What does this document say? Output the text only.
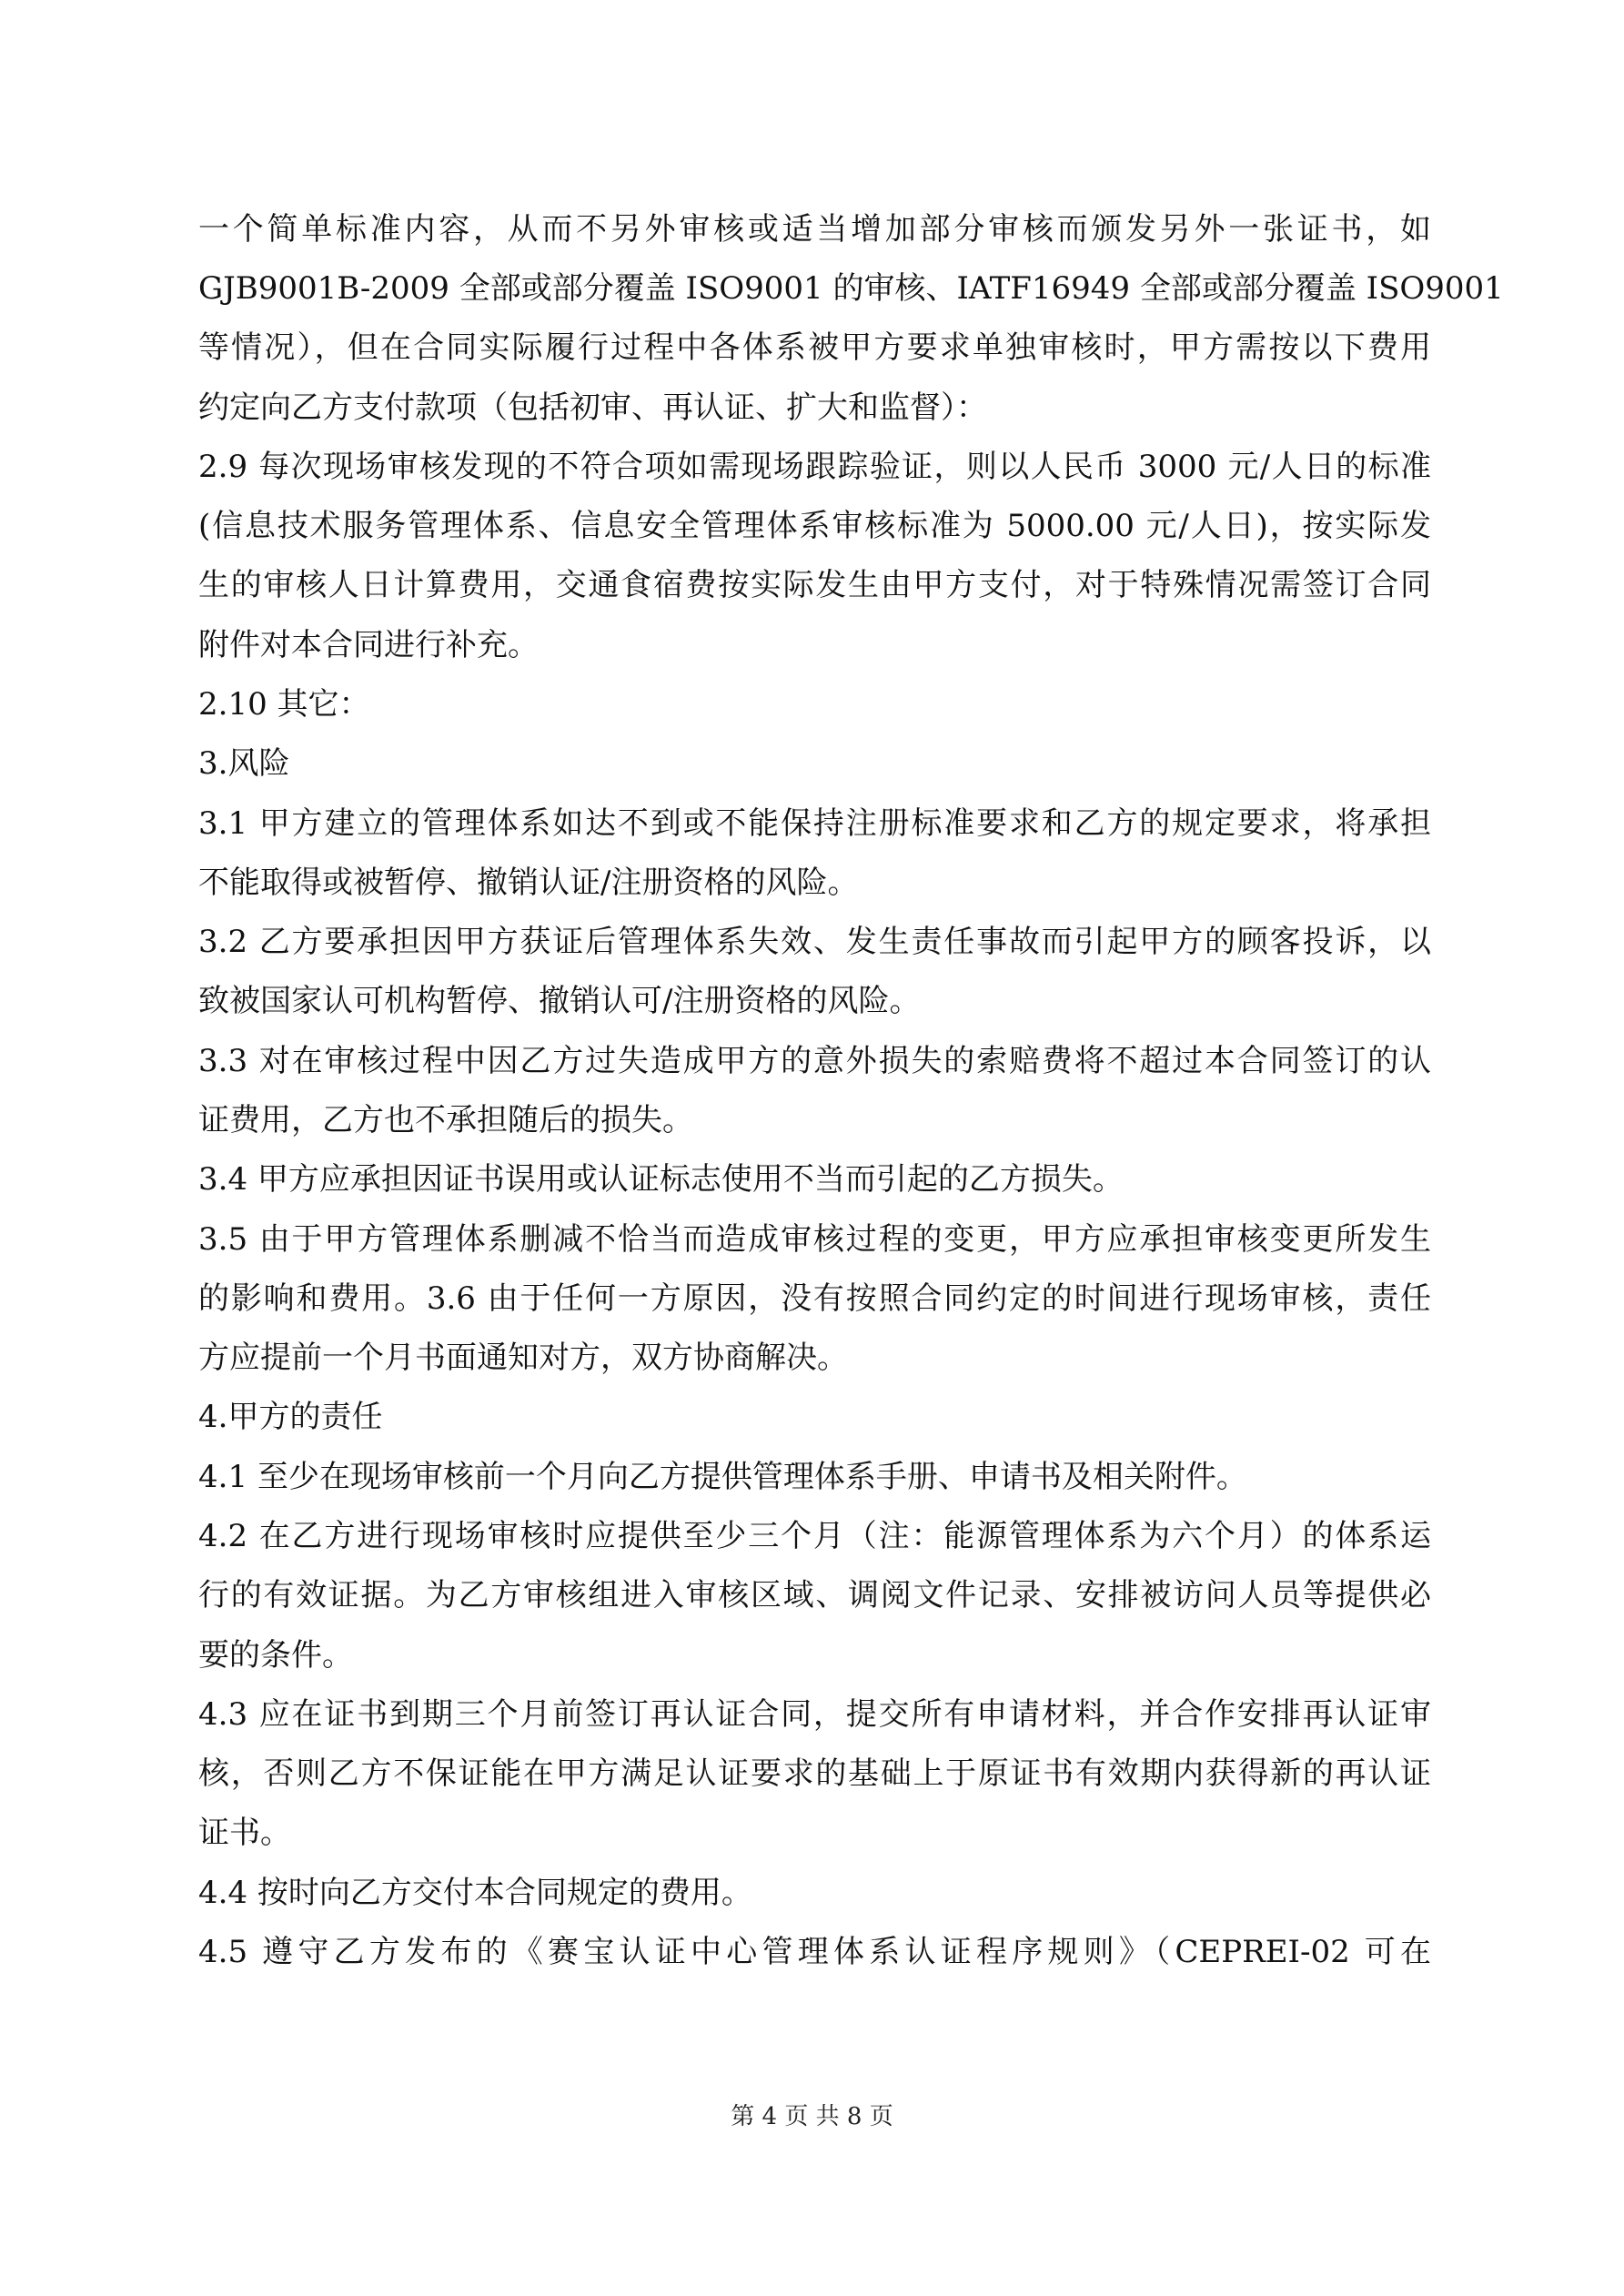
一个简单标准内容，从而不另外审核或适当增加部分审核而颁发另外一张证书，如
GJB9001B-2009 全部或部分覆盖 ISO9001 的审核、IATF16949 全部或部分覆盖 ISO9001
等情况），但在合同实际履行过程中各体系被甲方要求单独审核时，甲方需按以下费用
约定向乙方支付款项（包括初审、再认证、扩大和监督）：
2.9 每次现场审核发现的不符合项如需现场跟踪验证，则以人民币 3000 元/人日的标准
(信息技术服务管理体系、信息安全管理体系审核标准为 5000.00 元/人日)，按实际发
生的审核人日计算费用，交通食宿费按实际发生由甲方支付，对于特殊情况需签订合同
附件对本合同进行补充。
2.10 其它：
3.风险
3.1 甲方建立的管理体系如达不到或不能保持注册标准要求和乙方的规定要求，将承担
不能取得或被暂停、撤销认证/注册资格的风险。
3.2 乙方要承担因甲方获证后管理体系失效、发生责任事故而引起甲方的顾客投诉，以
致被国家认可机构暂停、撤销认可/注册资格的风险。
3.3 对在审核过程中因乙方过失造成甲方的意外损失的索赔费将不超过本合同签订的认
证费用，乙方也不承担随后的损失。
3.4 甲方应承担因证书误用或认证标志使用不当而引起的乙方损失。
3.5 由于甲方管理体系删减不恰当而造成审核过程的变更，甲方应承担审核变更所发生
的影响和费用。3.6 由于任何一方原因，没有按照合同约定的时间进行现场审核，责任
方应提前一个月书面通知对方，双方协商解决。
4.甲方的责任
4.1 至少在现场审核前一个月向乙方提供管理体系手册、申请书及相关附件。
4.2 在乙方进行现场审核时应提供至少三个月（注：能源管理体系为六个月）的体系运
行的有效证据。为乙方审核组进入审核区域、调阅文件记录、安排被访问人员等提供必
要的条件。
4.3 应在证书到期三个月前签订再认证合同，提交所有申请材料，并合作安排再认证审
核，否则乙方不保证能在甲方满足认证要求的基础上于原证书有效期内获得新的再认证
证书。
4.4 按时向乙方交付本合同规定的费用。
4.5 遵守乙方发布的《赛宝认证中心管理体系认证程序规则》（CEPREI-02 可在
第 4 页 共 8 页
